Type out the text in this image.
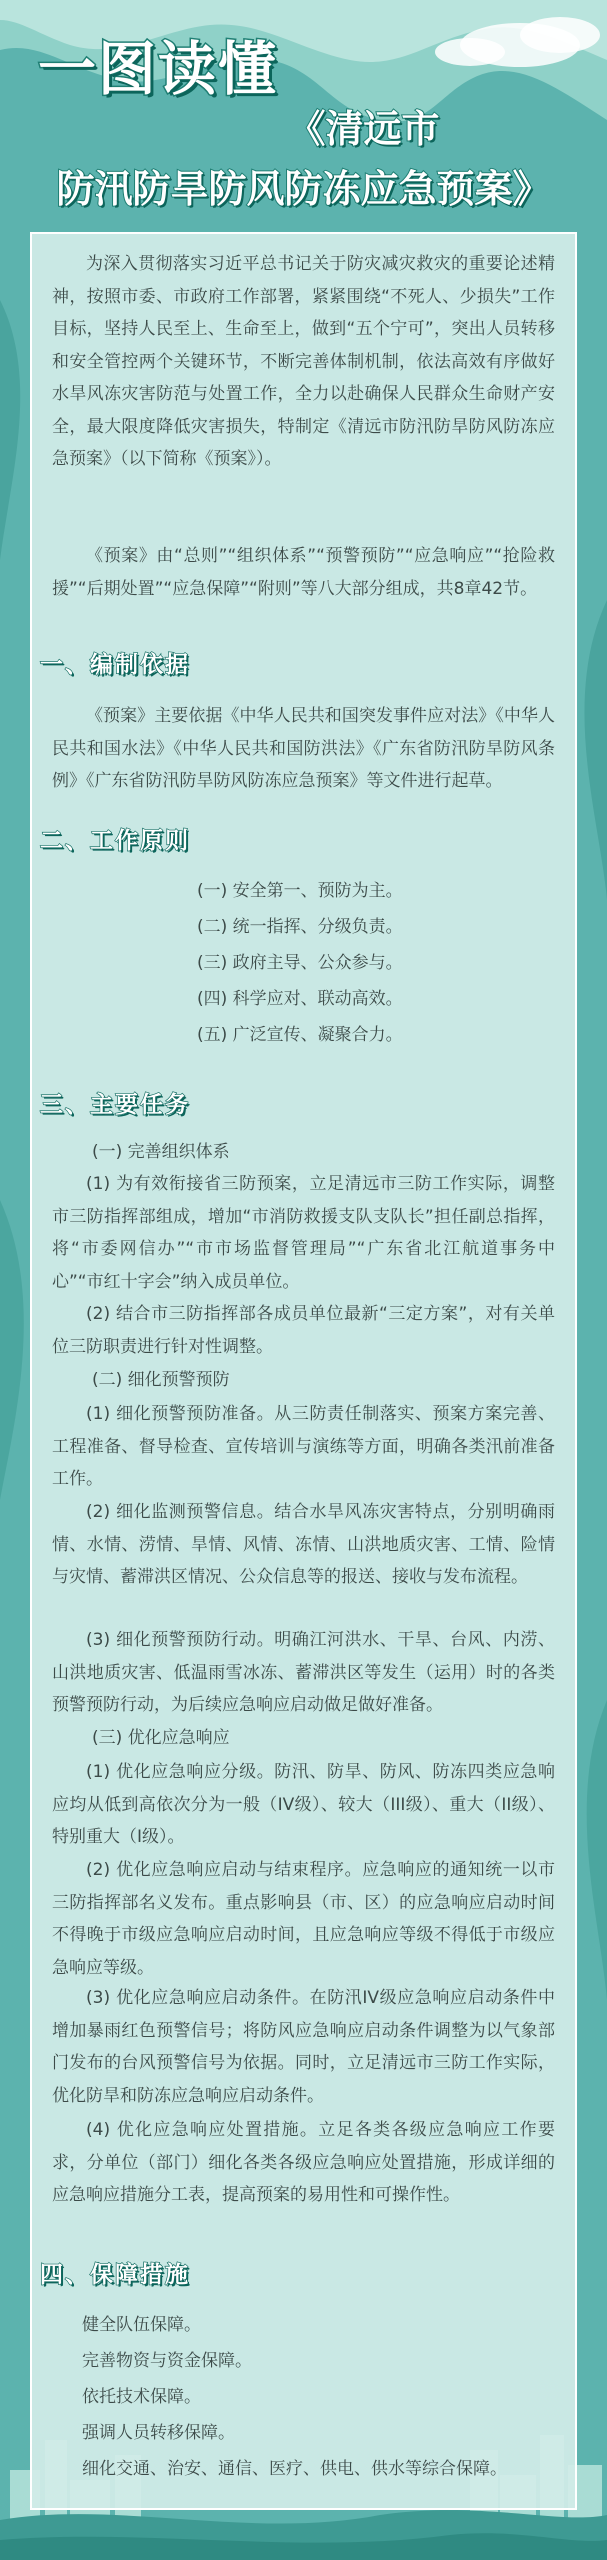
一图读懂
《清远市
防汛防旱防风防冻应急预案》
为深入贯彻落实习近平总书记关于防灾减灾救灾的重要论述精神，按照市委、市政府工作部署，紧紧围绕“不死人、少损失”工作目标，坚持人民至上、生命至上，做到“五个宁可”，突出人员转移和安全管控两个关键环节，不断完善体制机制，依法高效有序做好水旱风冻灾害防范与处置工作，全力以赴确保人民群众生命财产安全，最大限度降低灾害损失，特制定《清远市防汛防旱防风防冻应急预案》（以下简称《预案》）。
《预案》由“总则”“组织体系”“预警预防”“应急响应”“抢险救援”“后期处置”“应急保障”“附则”等八大部分组成，共8章42节。
一、编制依据
《预案》主要依据《中华人民共和国突发事件应对法》《中华人民共和国水法》《中华人民共和国防洪法》《广东省防汛防旱防风条例》《广东省防汛防旱防风防冻应急预案》等文件进行起草。
二、工作原则
(一) 安全第一、预防为主。
(二) 统一指挥、分级负责。
(三) 政府主导、公众参与。
(四) 科学应对、联动高效。
(五) 广泛宣传、凝聚合力。
三、主要任务
(一) 完善组织体系
(1) 为有效衔接省三防预案，立足清远市三防工作实际，调整市三防指挥部组成，增加“市消防救援支队支队长”担任副总指挥，将“市委网信办”“市市场监督管理局”“广东省北江航道事务中心”“市红十字会”纳入成员单位。
(2) 结合市三防指挥部各成员单位最新“三定方案”，对有关单位三防职责进行针对性调整。
(二) 细化预警预防
(1) 细化预警预防准备。从三防责任制落实、预案方案完善、工程准备、督导检查、宣传培训与演练等方面，明确各类汛前准备工作。
(2) 细化监测预警信息。结合水旱风冻灾害特点，分别明确雨情、水情、涝情、旱情、风情、冻情、山洪地质灾害、工情、险情与灾情、蓄滞洪区情况、公众信息等的报送、接收与发布流程。
(3) 细化预警预防行动。明确江河洪水、干旱、台风、内涝、山洪地质灾害、低温雨雪冰冻、蓄滞洪区等发生（运用）时的各类预警预防行动，为后续应急响应启动做足做好准备。
(三) 优化应急响应
(1) 优化应急响应分级。防汛、防旱、防风、防冻四类应急响应均从低到高依次分为一般（IV级）、较大（III级）、重大（II级）、特别重大（I级）。
(2) 优化应急响应启动与结束程序。应急响应的通知统一以市三防指挥部名义发布。重点影响县（市、区）的应急响应启动时间不得晚于市级应急响应启动时间，且应急响应等级不得低于市级应急响应等级。
(3) 优化应急响应启动条件。在防汛IV级应急响应启动条件中增加暴雨红色预警信号；将防风应急响应启动条件调整为以气象部门发布的台风预警信号为依据。同时，立足清远市三防工作实际，优化防旱和防冻应急响应启动条件。
(4) 优化应急响应处置措施。立足各类各级应急响应工作要求，分单位（部门）细化各类各级应急响应处置措施，形成详细的应急响应措施分工表，提高预案的易用性和可操作性。
四、保障措施
健全队伍保障。
完善物资与资金保障。
依托技术保障。
强调人员转移保障。
细化交通、治安、通信、医疗、供电、供水等综合保障。
